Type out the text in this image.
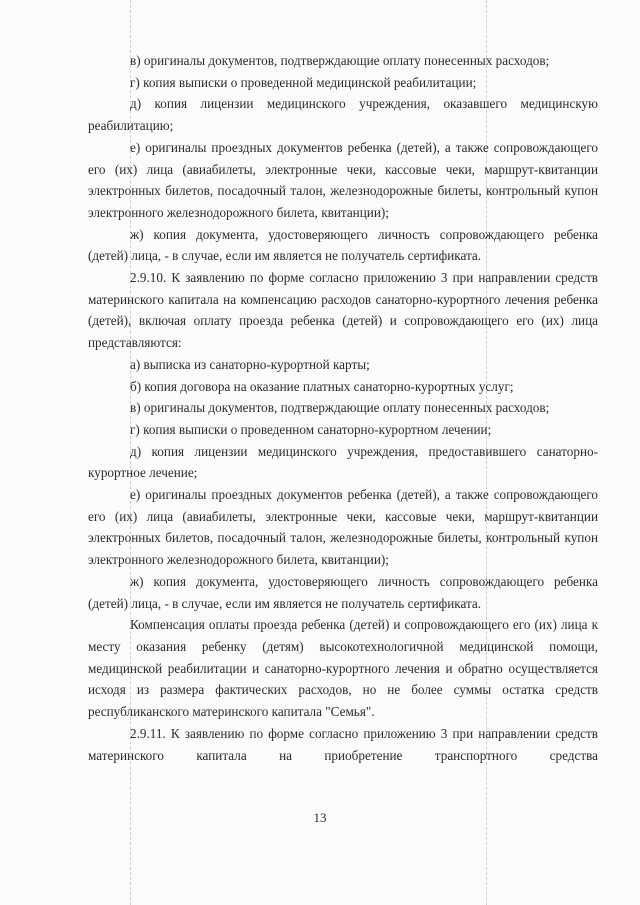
в) оригиналы документов, подтверждающие оплату понесенных расходов;

г) копия выписки о проведенной медицинской реабилитации;

д) копия лицензии медицинского учреждения, оказавшего медицинскую реабилитацию;

е) оригиналы проездных документов ребенка (детей), а также сопровождающего его (их) лица (авиабилеты, электронные чеки, кассовые чеки, маршрут-квитанции электронных билетов, посадочный талон, железнодорожные билеты, контрольный купон электронного железнодорожного билета, квитанции);

ж) копия документа, удостоверяющего личность сопровождающего ребенка (детей) лица, - в случае, если им является не получатель сертификата.

2.9.10. К заявлению по форме согласно приложению 3 при направлении средств материнского капитала на компенсацию расходов санаторно-курортного лечения ребенка (детей), включая оплату проезда ребенка (детей) и сопровождающего его (их) лица представляются:

а) выписка из санаторно-курортной карты;

б) копия договора на оказание платных санаторно-курортных услуг;

в) оригиналы документов, подтверждающие оплату понесенных расходов;

г) копия выписки о проведенном санаторно-курортном лечении;

д) копия лицензии медицинского учреждения, предоставившего санаторно-курортное лечение;

е) оригиналы проездных документов ребенка (детей), а также сопровождающего его (их) лица (авиабилеты, электронные чеки, кассовые чеки, маршрут-квитанции электронных билетов, посадочный талон, железнодорожные билеты, контрольный купон электронного железнодорожного билета, квитанции);

ж) копия документа, удостоверяющего личность сопровождающего ребенка (детей) лица, - в случае, если им является не получатель сертификата.

Компенсация оплаты проезда ребенка (детей) и сопровождающего его (их) лица к месту оказания ребенку (детям) высокотехнологичной медицинской помощи, медицинской реабилитации и санаторно-курортного лечения и обратно осуществляется исходя из размера фактических расходов, но не более суммы остатка средств республиканского материнского капитала "Семья".

2.9.11. К заявлению по форме согласно приложению 3 при направлении средств материнского капитала на приобретение транспортного средства

13
